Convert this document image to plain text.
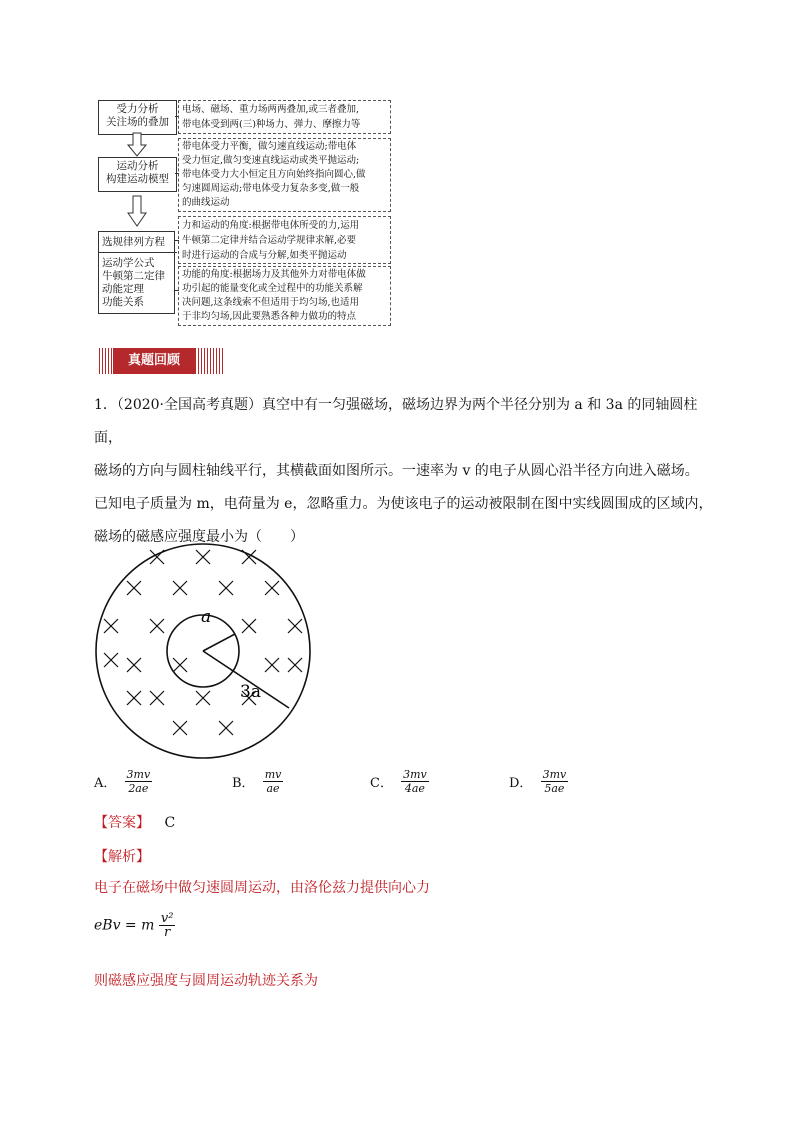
受力分析
关注场的叠加
运动分析
构建运动模型
选规律列方程
运动学公式
牛顿第二定律
动能定理
功能关系
电场、磁场、重力场两两叠加,或三者叠加,
带电体受到两(三)种场力、弹力、摩擦力等
带电体受力平衡，做匀速直线运动;带电体
受力恒定,做匀变速直线运动或类平抛运动;
带电体受力大小恒定且方向始终指向圆心,做
匀速圆周运动;带电体受力复杂多变,做一般
的曲线运动
力和运动的角度:根据带电体所受的力,运用
牛顿第二定律并结合运动学规律求解,必要
时进行运动的合成与分解,如类平抛运动
功能的角度:根据场力及其他外力对带电体做
功引起的能量变化或全过程中的功能关系解
决问题,这条线索不但适用于均匀场,也适用
于非均匀场,因此要熟悉各种力做功的特点
真题回顾
1．（2020·全国高考真题）真空中有一匀强磁场，磁场边界为两个半径分别为 a 和 3a 的同轴圆柱面，
磁场的方向与圆柱轴线平行，其横截面如图所示。一速率为 v 的电子从圆心沿半径方向进入磁场。
已知电子质量为 m，电荷量为 e，忽略重力。为使该电子的运动被限制在图中实线圆围成的区域内，
磁场的磁感应强度最小为（　　）
a
3a
A． $\frac{3mv}{2ae}$	B． $\frac{mv}{ae}$	C． $\frac{3mv}{4ae}$	D． $\frac{3mv}{5ae}$
【答案】 C
【解析】
电子在磁场中做匀速圆周运动，由洛伦兹力提供向心力
eBv = m $\frac{\text{v²}}{r}$
则磁感应强度与圆周运动轨迹关系为
